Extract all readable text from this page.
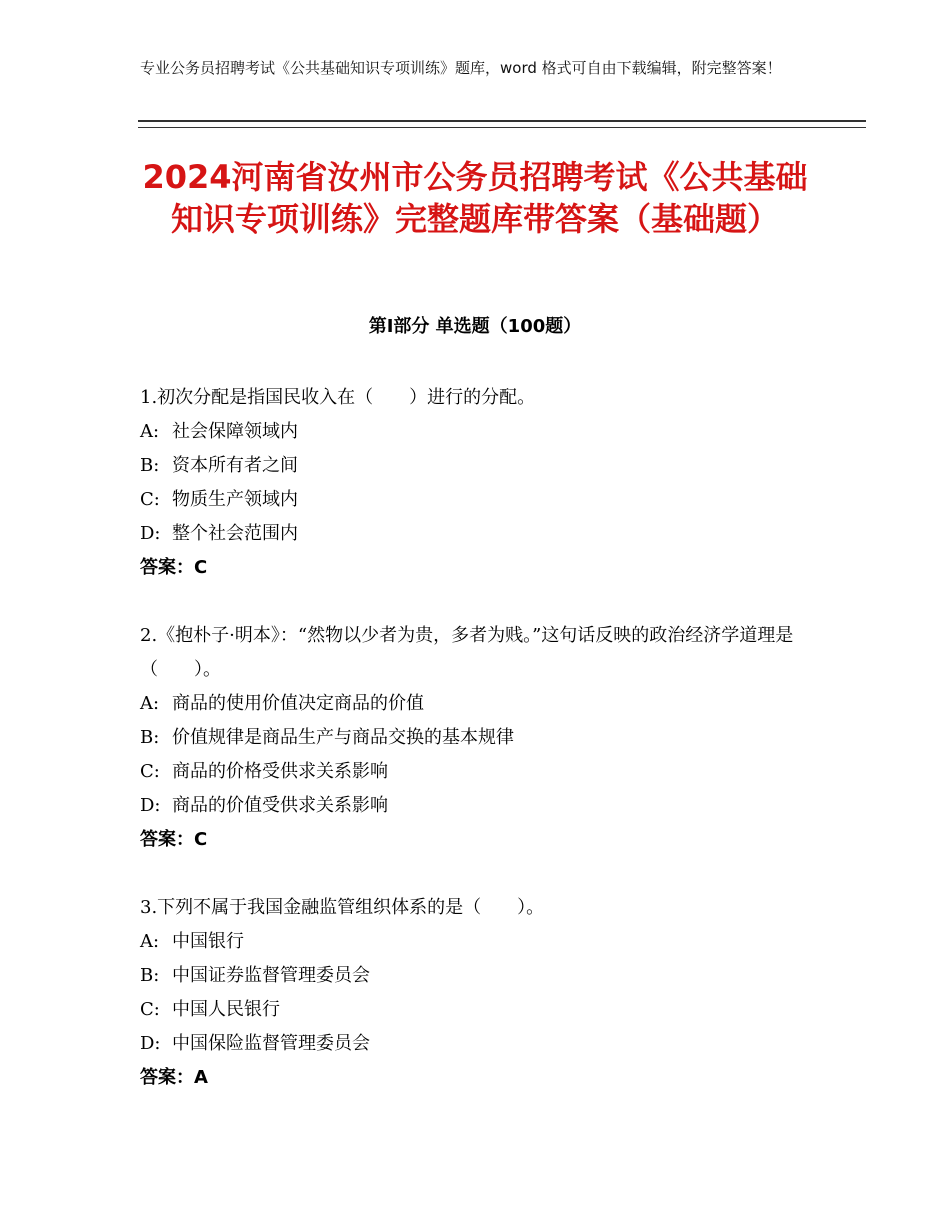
专业公务员招聘考试《公共基础知识专项训练》题库，word 格式可自由下载编辑，附完整答案！
2024河南省汝州市公务员招聘考试《公共基础知识专项训练》完整题库带答案（基础题）
第Ⅰ部分 单选题（100题）
1.初次分配是指国民收入在（　　）进行的分配。
A: 社会保障领域内
B: 资本所有者之间
C: 物质生产领域内
D: 整个社会范围内
答案：C
2.《抱朴子·明本》：“然物以少者为贵，多者为贱。”这句话反映的政治经济学道理是（　　）。
A: 商品的使用价值决定商品的价值
B: 价值规律是商品生产与商品交换的基本规律
C: 商品的价格受供求关系影响
D: 商品的价值受供求关系影响
答案：C
3.下列不属于我国金融监管组织体系的是（　　）。
A: 中国银行
B: 中国证券监督管理委员会
C: 中国人民银行
D: 中国保险监督管理委员会
答案：A
